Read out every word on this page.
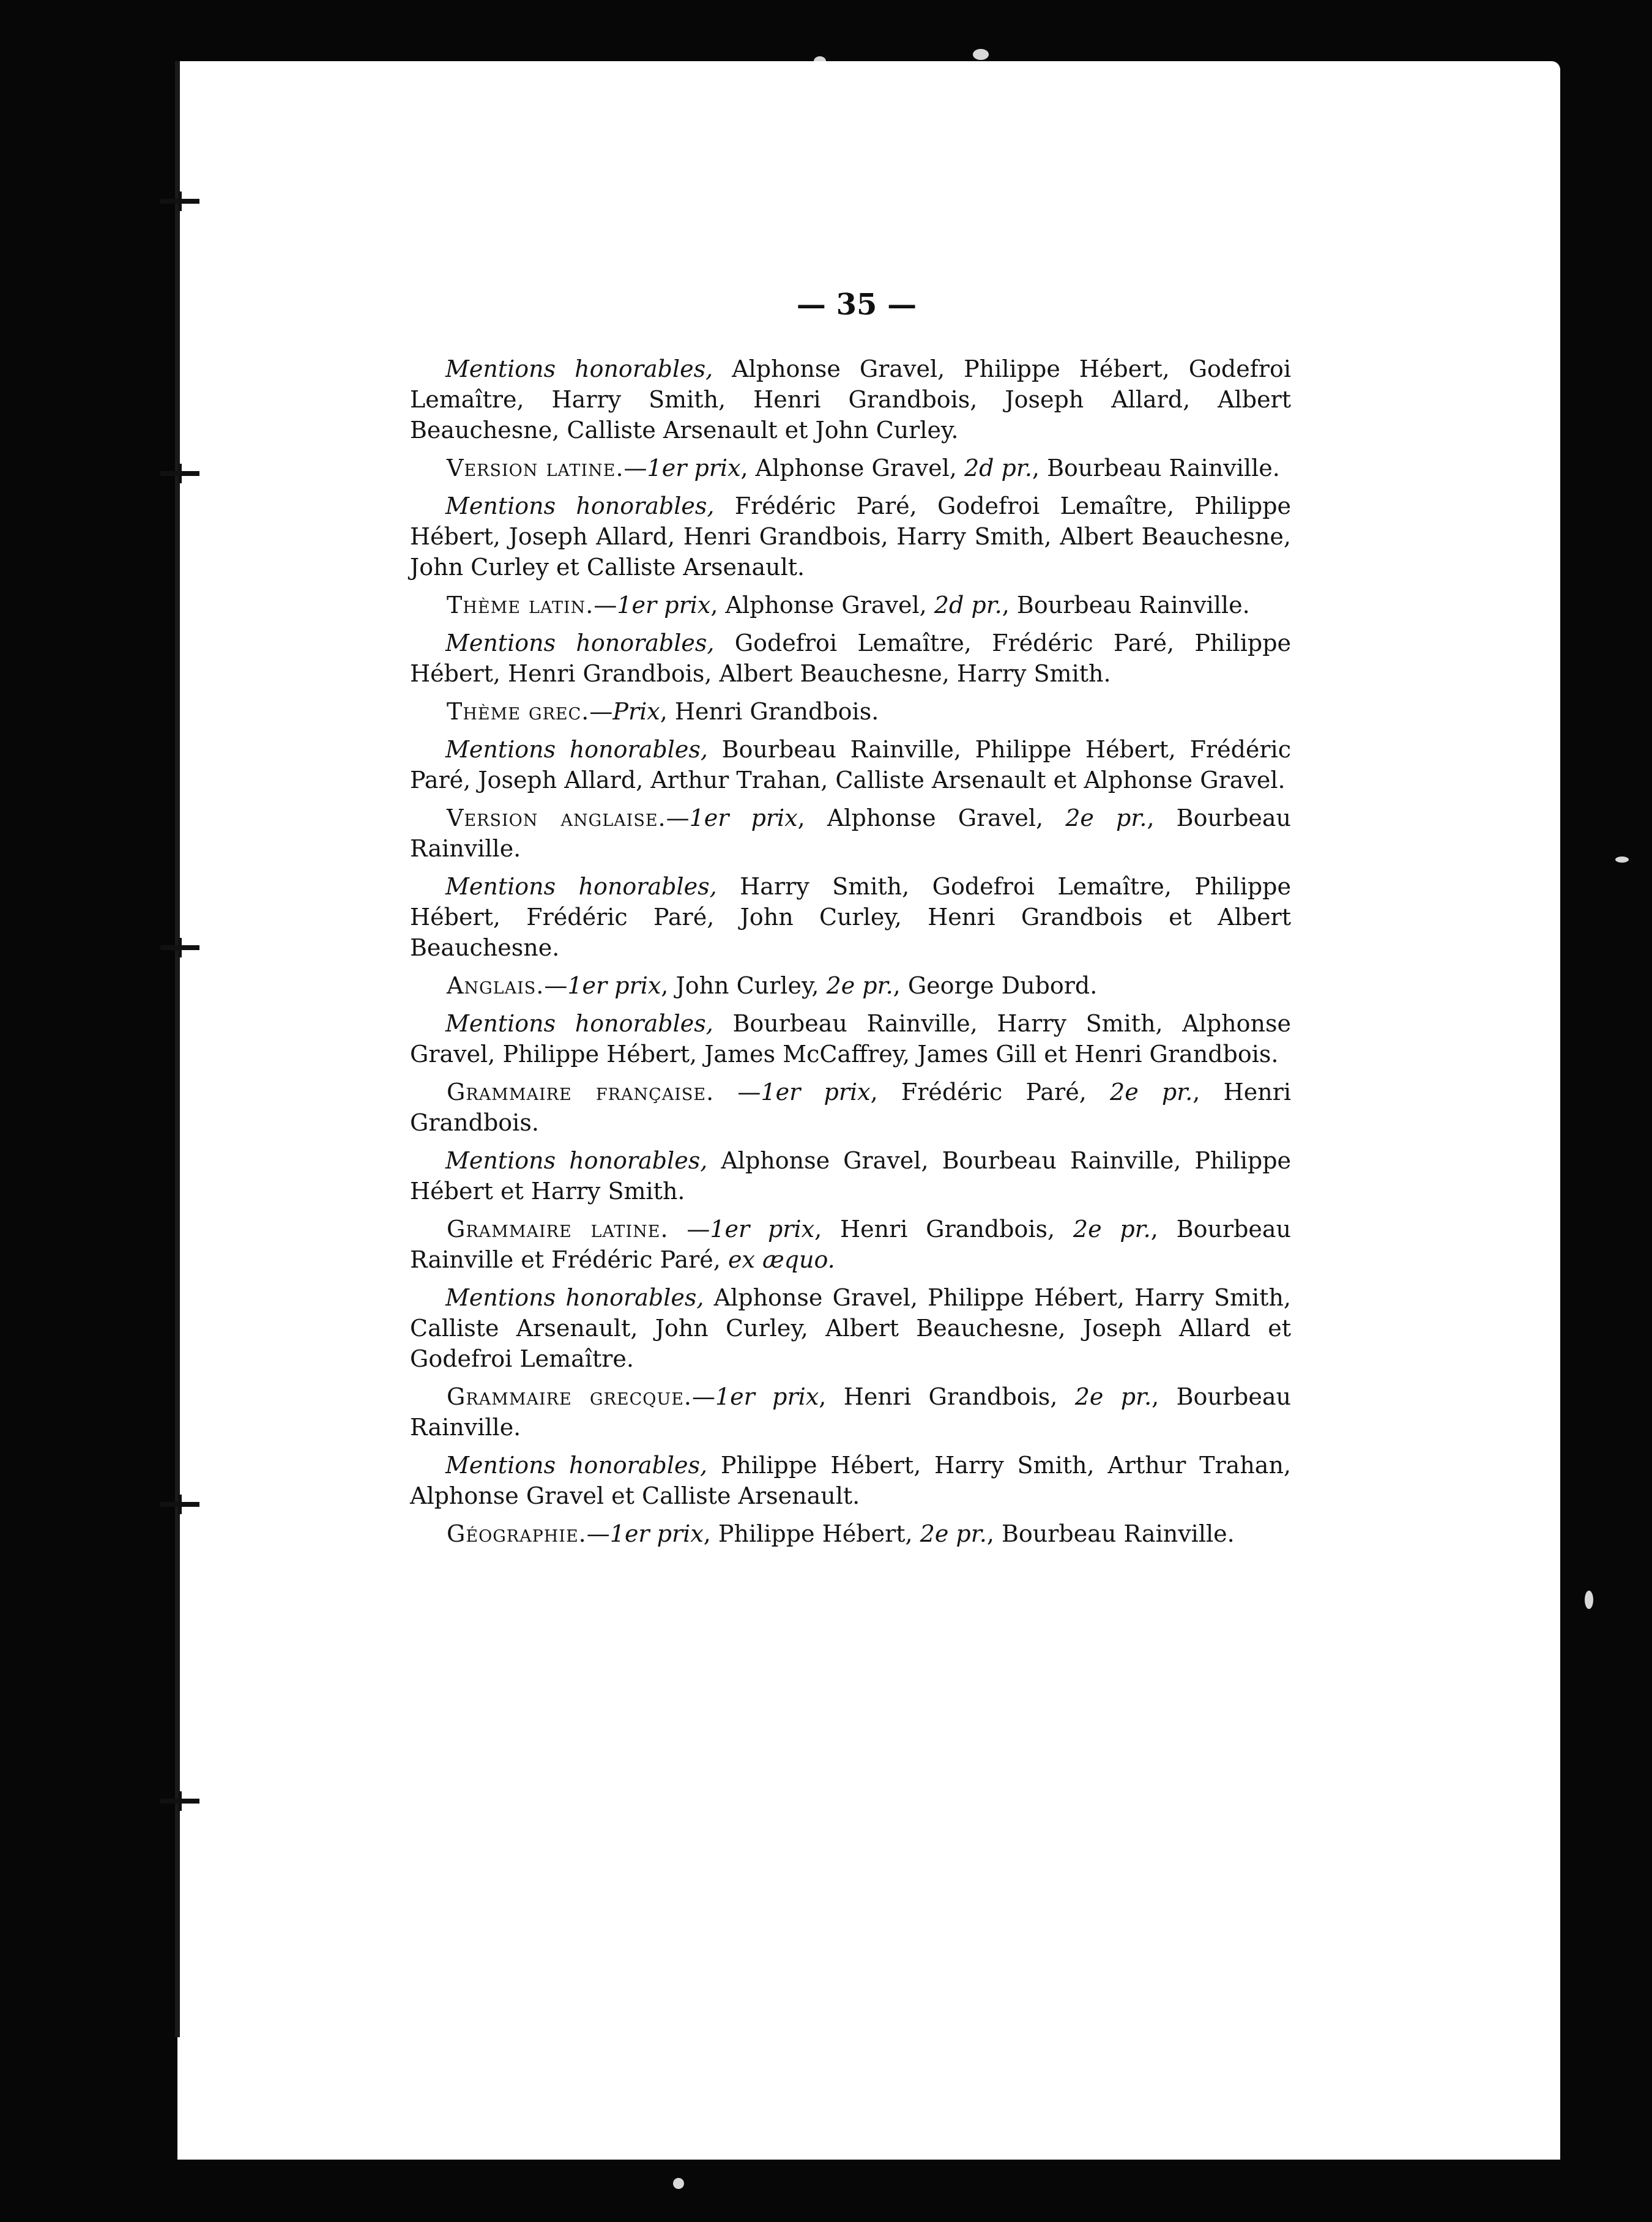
— 35 —

Mentions honorables, Alphonse Gravel, Philippe Hébert, Godefroi Lemaître, Harry Smith, Henri Grandbois, Joseph Allard, Albert Beauchesne, Calliste Arsenault et John Curley.

Version latine.—1er prix, Alphonse Gravel, 2d pr., Bourbeau Rainville.

Mentions honorables, Frédéric Paré, Godefroi Lemaître, Philippe Hébert, Joseph Allard, Henri Grandbois, Harry Smith, Albert Beauchesne, John Curley et Calliste Arsenault.

Thème latin.—1er prix, Alphonse Gravel, 2d pr., Bourbeau Rainville.

Mentions honorables, Godefroi Lemaître, Frédéric Paré, Philippe Hébert, Henri Grandbois, Albert Beauchesne, Harry Smith.

Thème grec.—Prix, Henri Grandbois.

Mentions honorables, Bourbeau Rainville, Philippe Hébert, Frédéric Paré, Joseph Allard, Arthur Trahan, Calliste Arsenault et Alphonse Gravel.

Version anglaise.—1er prix, Alphonse Gravel, 2e pr., Bourbeau Rainville.

Mentions honorables, Harry Smith, Godefroi Lemaître, Philippe Hébert, Frédéric Paré, John Curley, Henri Grandbois et Albert Beauchesne.

Anglais.—1er prix, John Curley, 2e pr., George Dubord.

Mentions honorables, Bourbeau Rainville, Harry Smith, Alphonse Gravel, Philippe Hébert, James McCaffrey, James Gill et Henri Grandbois.

Grammaire française. —1er prix, Frédéric Paré, 2e pr., Henri Grandbois.

Mentions honorables, Alphonse Gravel, Bourbeau Rainville, Philippe Hébert et Harry Smith.

Grammaire latine. —1er prix, Henri Grandbois, 2e pr., Bourbeau Rainville et Frédéric Paré, ex æquo.

Mentions honorables, Alphonse Gravel, Philippe Hébert, Harry Smith, Calliste Arsenault, John Curley, Albert Beauchesne, Joseph Allard et Godefroi Lemaître.

Grammaire grecque.—1er prix, Henri Grandbois, 2e pr., Bourbeau Rainville.

Mentions honorables, Philippe Hébert, Harry Smith, Arthur Trahan, Alphonse Gravel et Calliste Arsenault.

Géographie.—1er prix, Philippe Hébert, 2e pr., Bourbeau Rainville.
